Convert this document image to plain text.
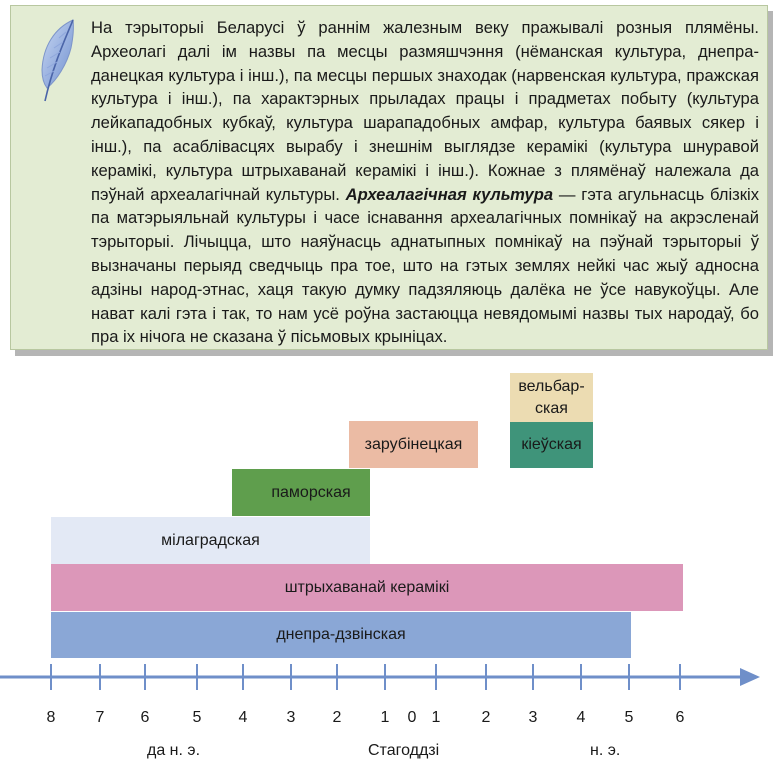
На тэрыторыі Беларусі ў раннім жалезным веку пражывалі розныя плямёны. Археолагі далі ім назвы па месцы размяшчэння (нёманская культура, днепра-данецкая культура і інш.), па месцы першых знаходак (нарвенская культура, пражская культура і інш.), па характэрных прыладах працы і прадметах побыту (культура лейкападобных кубкаў, культура шарападобных амфар, культура баявых сякер і інш.), па асаблівасцях вырабу і знешнім выглядзе керамікі (культура шнуравой керамікі, культура штрыхаванай керамікі і інш.). Кожнае з плямёнаў належала да пэўнай археалагічнай культуры. Археалагічная культура — гэта агульнасць блізкіх па матэрыяльнай культуры і часе існавання археалагічных помнікаў на акрэсленай тэрыторыі. Лічыцца, што наяўнасць аднатыпных помнікаў на пэўнай тэрыторыі ў вызначаны перыяд сведчыць пра тое, што на гэтых землях нейкі час жыў адносна адзіны народ-этнас, хаця такую думку падзяляюць далёка не ўсе навукоўцы. Але нават калі гэта і так, то нам усё роўна застаюцца невядомымі назвы тых народаў, бо пра іх нічога не сказана ў пісьмовых крыніцах.

днепра-дзвінская
штрыхаванай керамікі
мілаградская
паморская
зарубінецкая	кіеўская
вельбар-
ская
8	7 6	5 4 3 2 1 0 1	2 3 4 5	6
да н. э.	Стагоддзі	н. э.
